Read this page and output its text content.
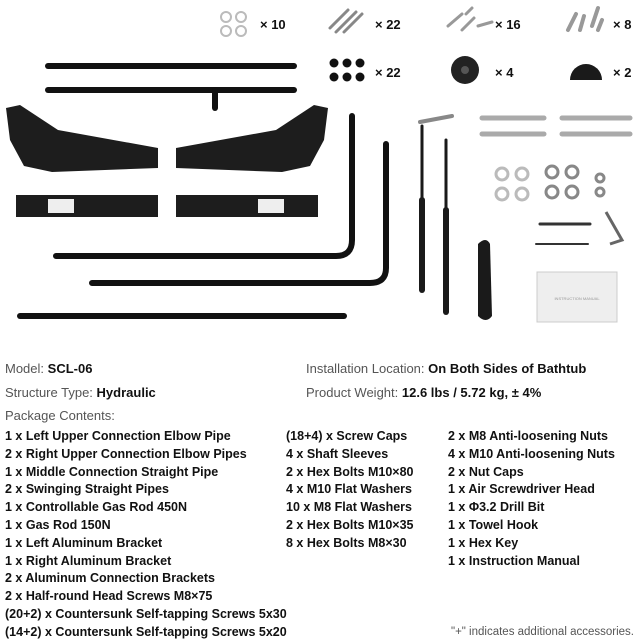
INSTRUCTION MANUAL
× 10	× 22	× 16	× 8
× 22	× 4	× 2
Model: SCL-06	Installation Location: On Both Sides of Bathtub
Structure Type: Hydraulic	Product Weight: 12.6 lbs / 5.72 kg, ± 4%
Package Contents:
1 x Left Upper Connection Elbow Pipe
2 x Right Upper Connection Elbow Pipes
1 x Middle Connection Straight Pipe
2 x Swinging Straight Pipes
1 x Controllable Gas Rod 450N
1 x Gas Rod 150N
1 x Left Aluminum Bracket
1 x Right Aluminum Bracket
2 x Aluminum Connection Brackets
2 x Half-round Head Screws M8×75
(20+2) x Countersunk Self-tapping Screws 5x30
(14+2) x Countersunk Self-tapping Screws 5x20
(18+4) x Screw Caps
4 x Shaft Sleeves
2 x Hex Bolts M10×80
4 x M10 Flat Washers
10 x M8 Flat Washers
2 x Hex Bolts M10×35
8 x Hex Bolts M8×30
2 x M8 Anti-loosening Nuts
4 x M10 Anti-loosening Nuts
2 x Nut Caps
1 x Air Screwdriver Head
1 x Φ3.2 Drill Bit
1 x Towel Hook
1 x Hex Key
1 x Instruction Manual
"+" indicates additional accessories.
